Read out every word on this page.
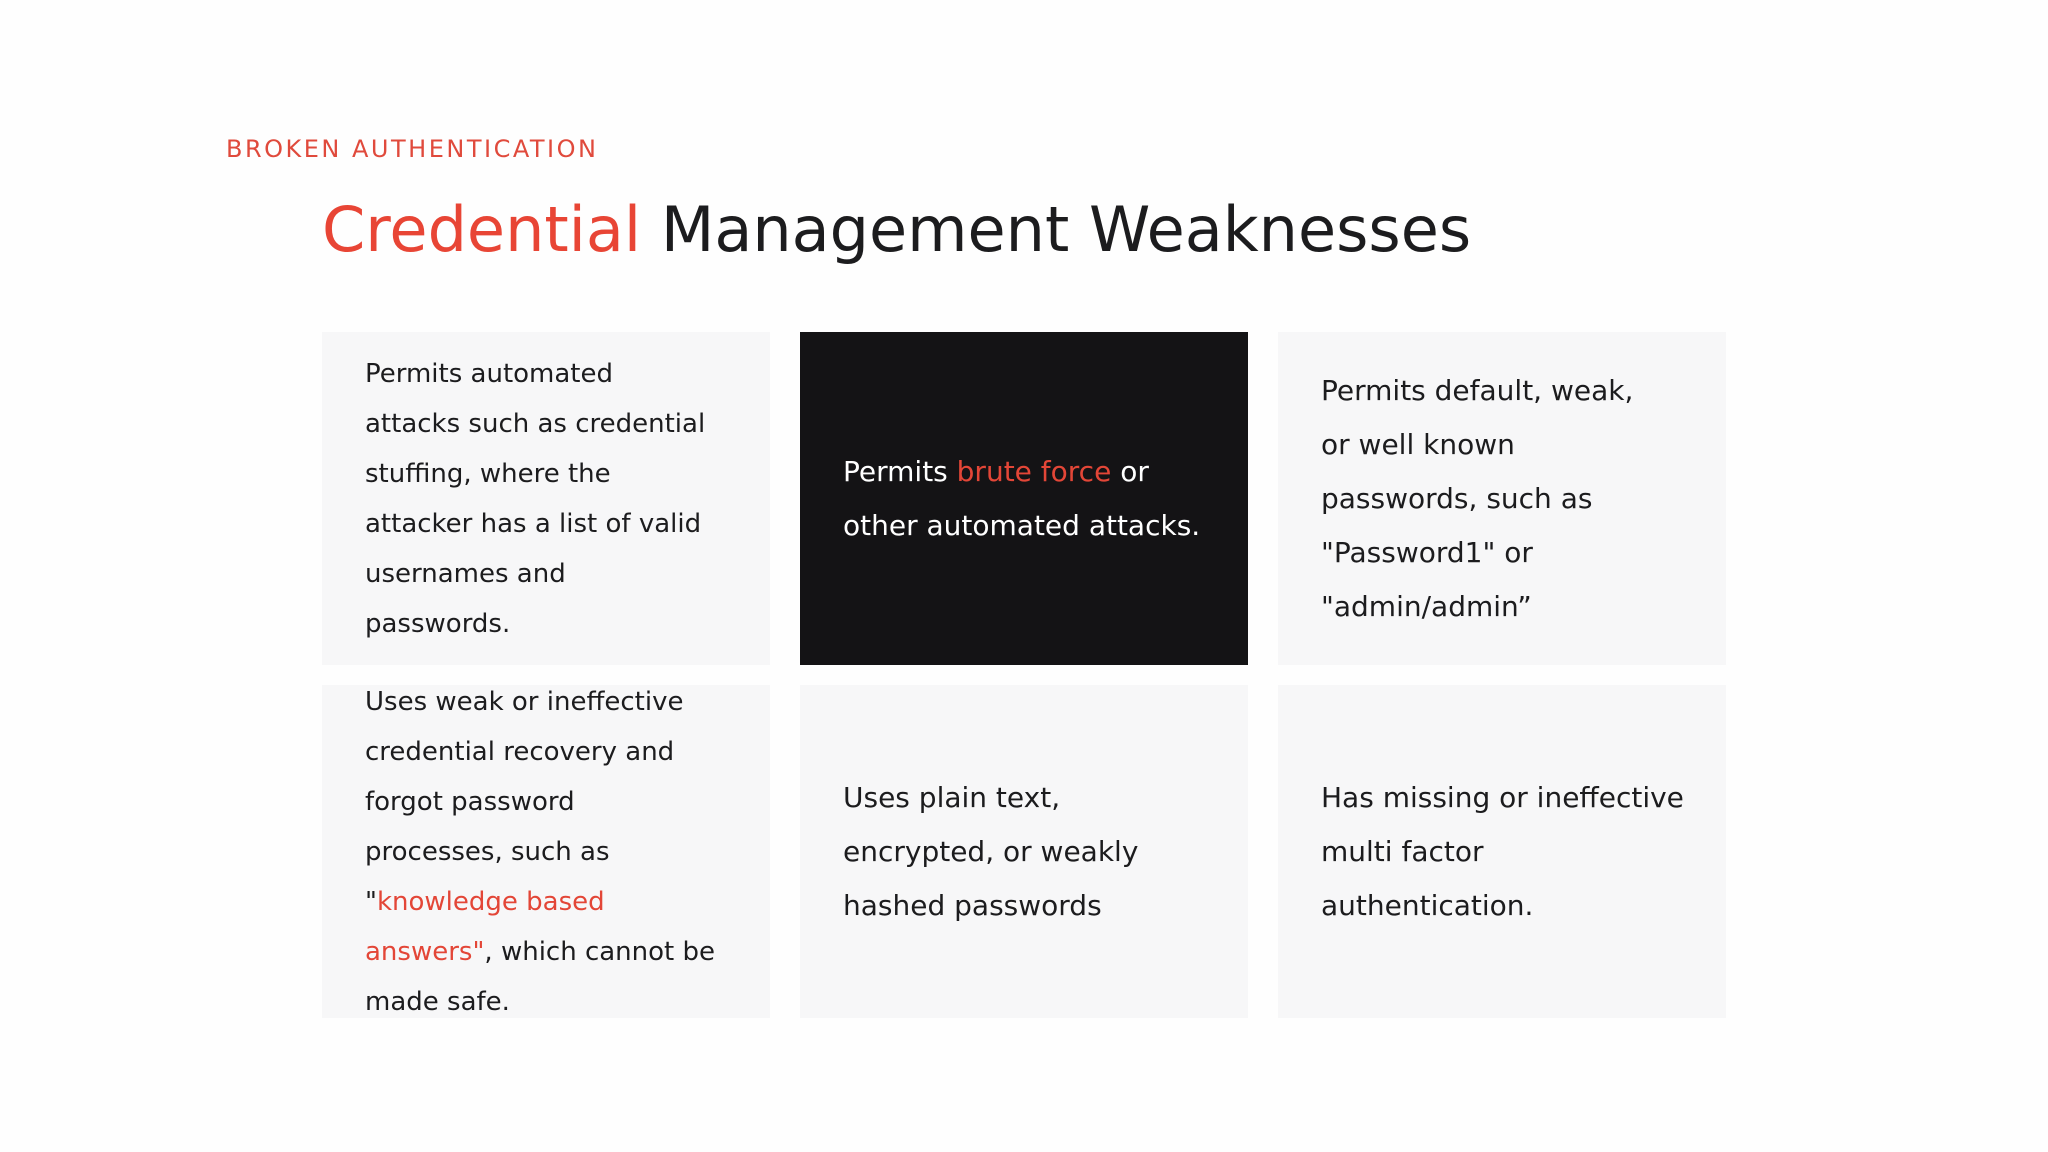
BROKEN AUTHENTICATION
Credential Management Weaknesses
Permits automated attacks such as credential stuffing, where the attacker has a list of valid usernames and passwords.
Permits brute force or other automated attacks.
Permits default, weak, or well known passwords, such as "Password1" or "admin/admin”
Uses weak or ineffective credential recovery and forgot password processes, such as "knowledge based answers", which cannot be made safe.
Uses plain text, encrypted, or weakly hashed passwords
Has missing or ineffective multi factor authentication.
